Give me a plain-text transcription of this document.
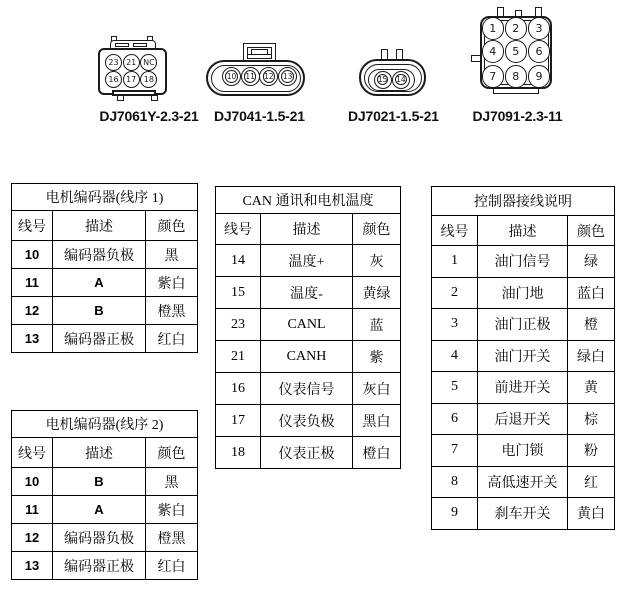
23 21 NC
16 17 18
DJ7061Y-2.3-21
10 11 12 13
DJ7041-1.5-21
15 14
DJ7021-1.5-21
1 2 3
4 5 6
7 8 9
DJ7091-2.3-11
电机编码器(线序 1)		
线号	描述	颜色
10	编码器负极	黑
11	A	紫白
12	B	橙黑
13	编码器正极	红白
CAN 通讯和电机温度		
线号	描述	颜色
14	温度+	灰
15	温度-	黄绿
23	CANL	蓝
21	CANH	紫
16	仪表信号	灰白
17	仪表负极	黑白
18	仪表正极	橙白
控制器接线说明		
线号	描述	颜色
1	油门信号	绿
2	油门地	蓝白
3	油门正极	橙
4	油门开关	绿白
5	前进开关	黄
6	后退开关	棕
7	电门锁	粉
8	高低速开关	红
9	刹车开关	黄白
电机编码器(线序 2)		
线号	描述	颜色
10	B	黑
11	A	紫白
12	编码器负极	橙黑
13	编码器正极	红白
